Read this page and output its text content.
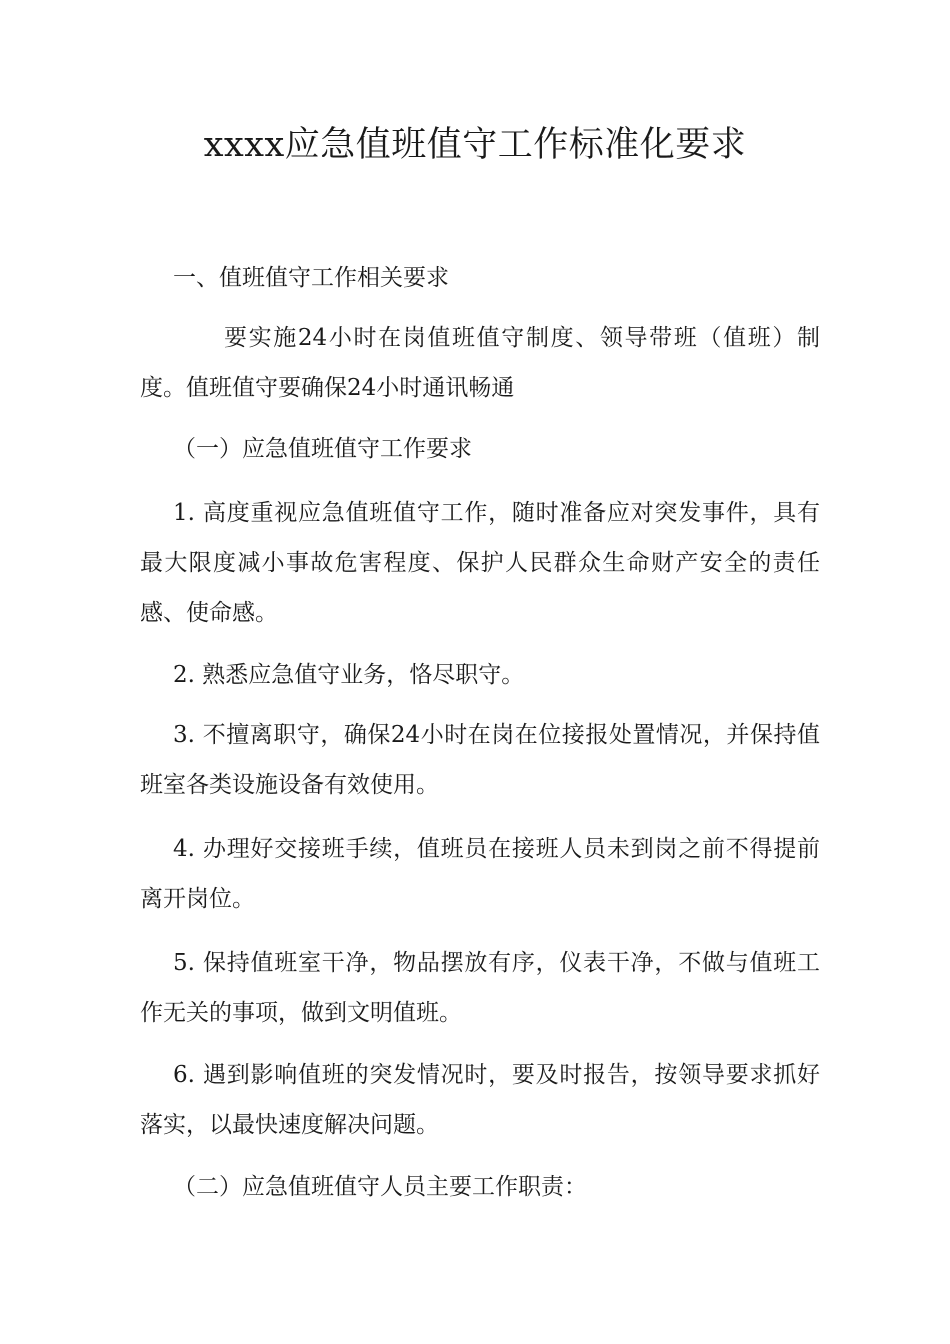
xxxx应急值班值守工作标准化要求
一、值班值守工作相关要求
要实施24小时在岗值班值守制度、领导带班（值班）制度。值班值守要确保24小时通讯畅通
（一）应急值班值守工作要求
1. 高度重视应急值班值守工作，随时准备应对突发事件，具有最大限度减小事故危害程度、保护人民群众生命财产安全的责任感、使命感。
2. 熟悉应急值守业务，恪尽职守。
3. 不擅离职守，确保24小时在岗在位接报处置情况，并保持值班室各类设施设备有效使用。
4. 办理好交接班手续，值班员在接班人员未到岗之前不得提前离开岗位。
5. 保持值班室干净，物品摆放有序，仪表干净，不做与值班工作无关的事项，做到文明值班。
6. 遇到影响值班的突发情况时，要及时报告，按领导要求抓好落实，以最快速度解决问题。
（二）应急值班值守人员主要工作职责：
